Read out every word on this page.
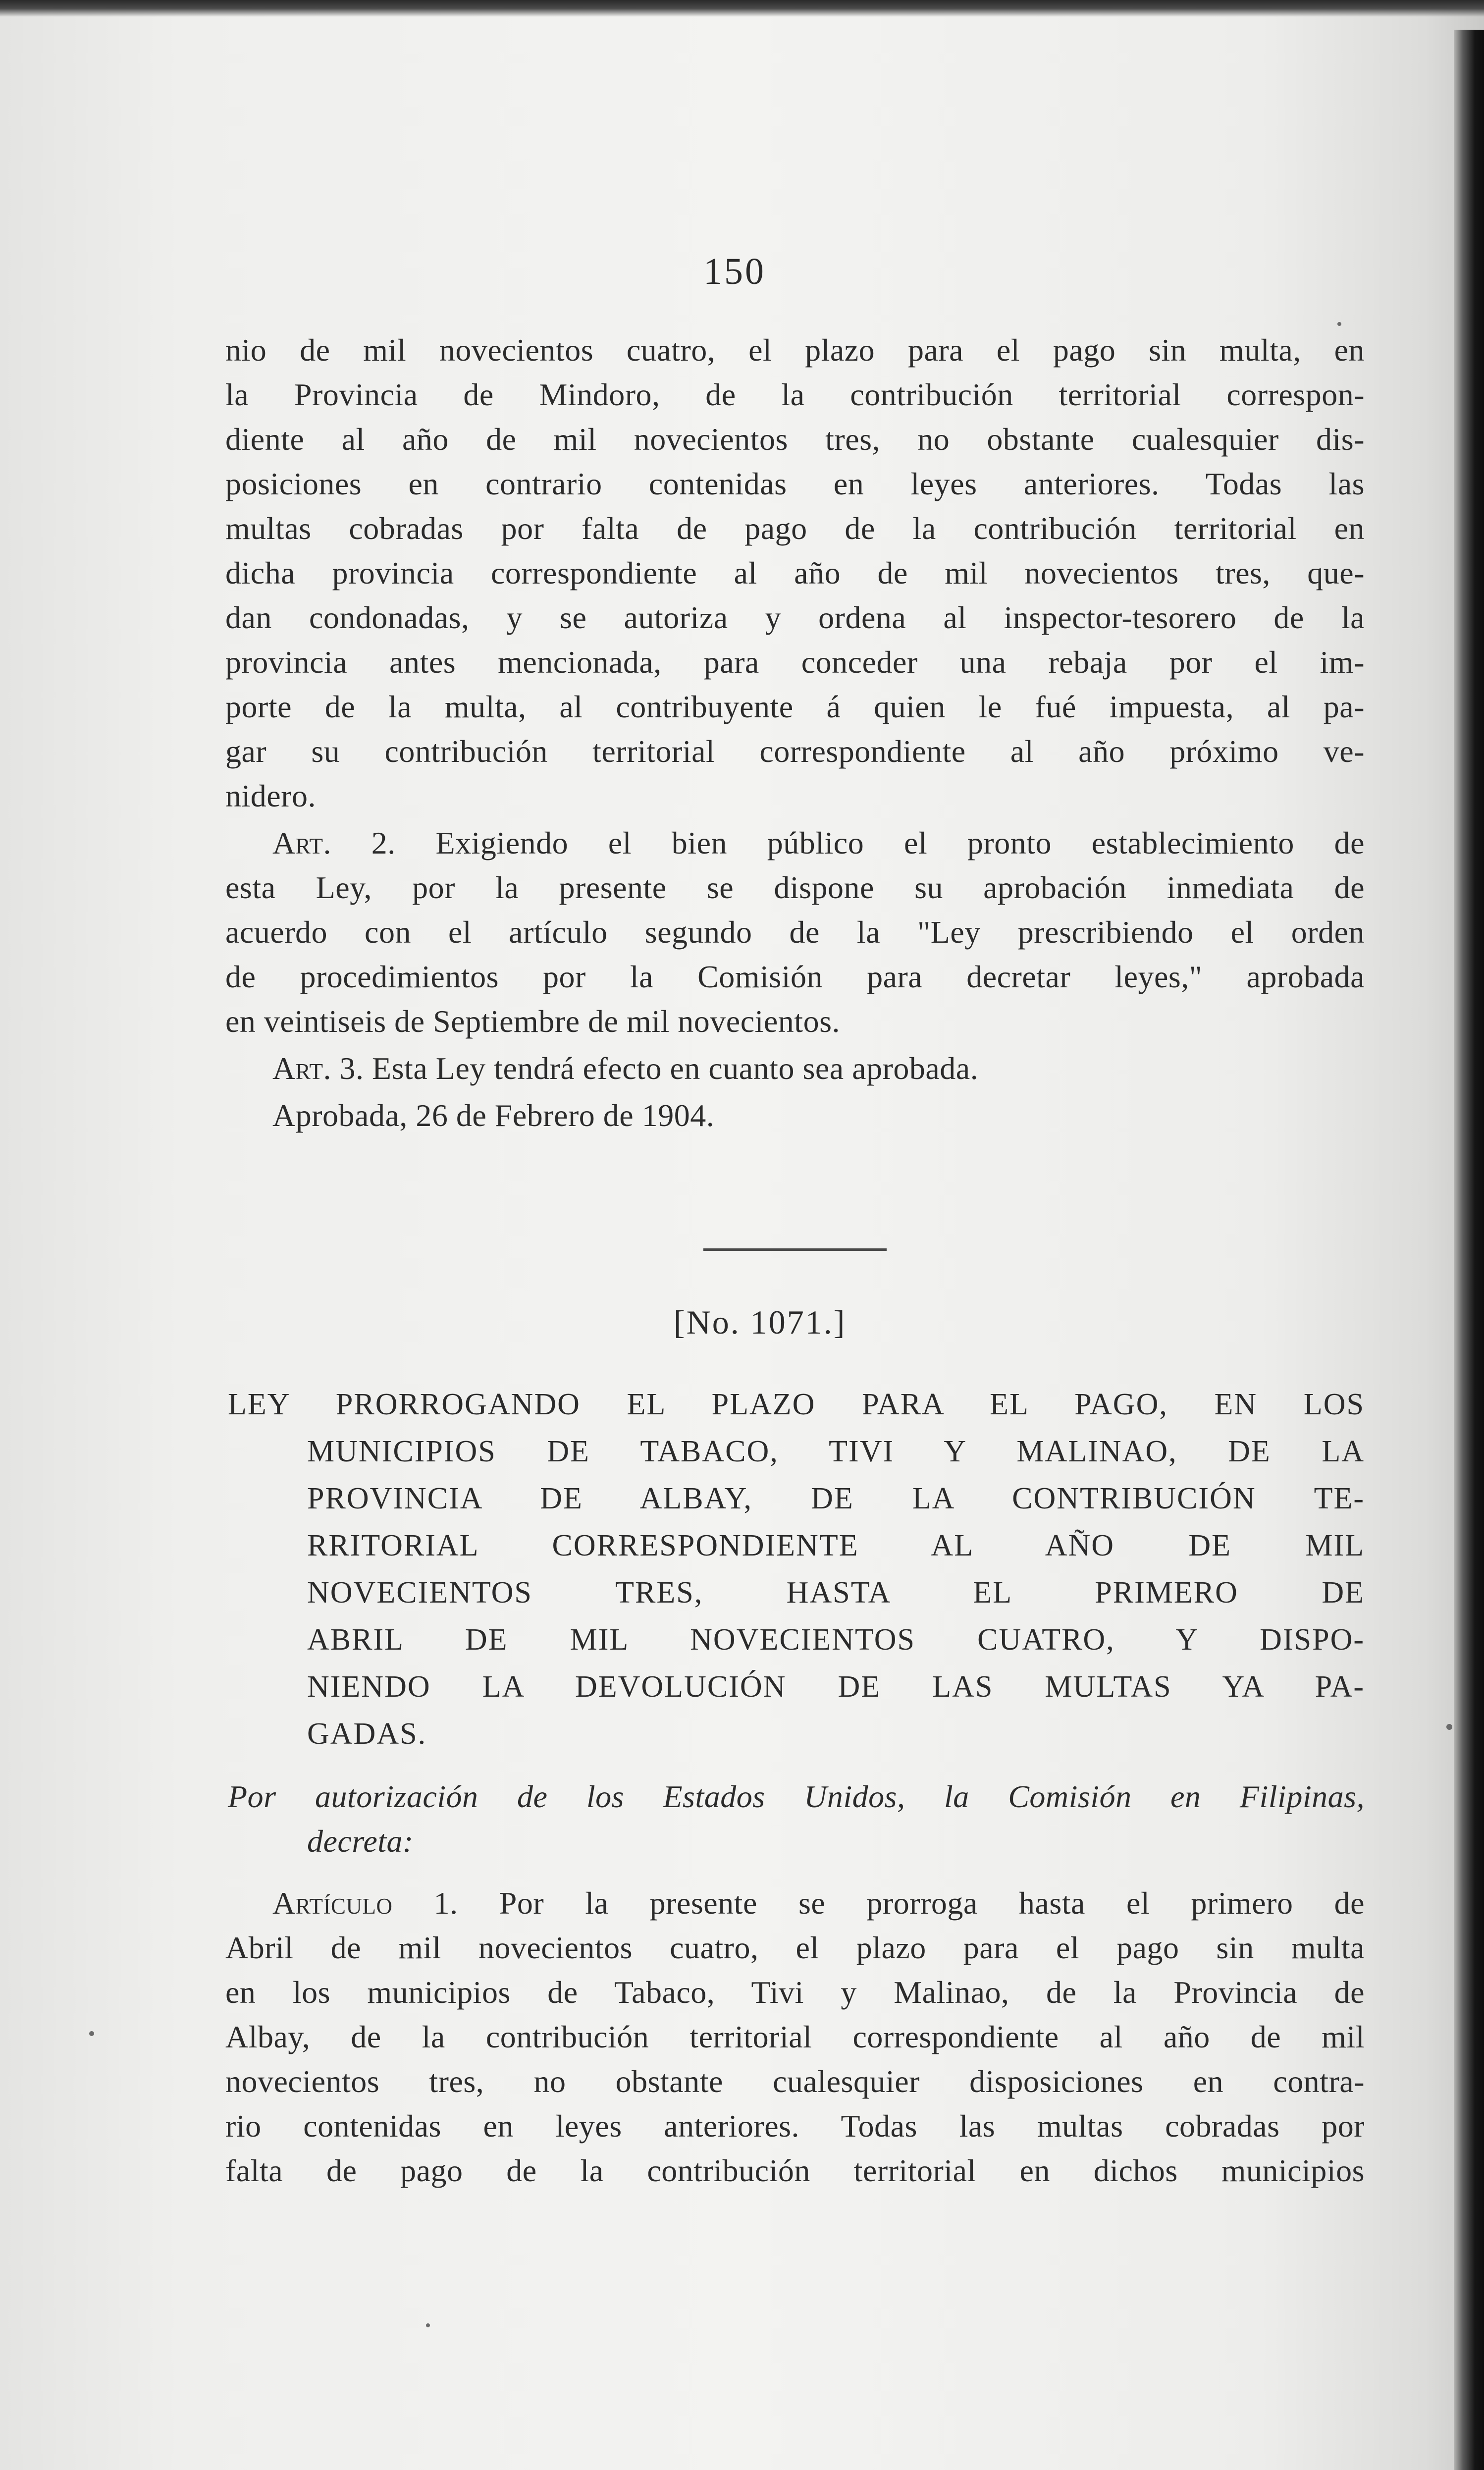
150
nio de mil novecientos cuatro, el plazo para el pago sin multa, en
la Provincia de Mindoro, de la contribución territorial correspon-
diente al año de mil novecientos tres, no obstante cualesquier dis-
posiciones en contrario contenidas en leyes anteriores. Todas las
multas cobradas por falta de pago de la contribución territorial en
dicha provincia correspondiente al año de mil novecientos tres, que-
dan condonadas, y se autoriza y ordena al inspector-tesorero de la
provincia antes mencionada, para conceder una rebaja por el im-
porte de la multa, al contribuyente á quien le fué impuesta, al pa-
gar su contribución territorial correspondiente al año próximo ve-
nidero.
Art. 2. Exigiendo el bien público el pronto establecimiento de
esta Ley, por la presente se dispone su aprobación inmediata de
acuerdo con el artículo segundo de la "Ley prescribiendo el orden
de procedimientos por la Comisión para decretar leyes," aprobada
en veintiseis de Septiembre de mil novecientos.
Art. 3. Esta Ley tendrá efecto en cuanto sea aprobada.
Aprobada, 26 de Febrero de 1904.
[No. 1071.]
LEY PRORROGANDO EL PLAZO PARA EL PAGO, EN LOS
MUNICIPIOS DE TABACO, TIVI Y MALINAO, DE LA
PROVINCIA DE ALBAY, DE LA CONTRIBUCIÓN TE-
RRITORIAL CORRESPONDIENTE AL AÑO DE MIL
NOVECIENTOS TRES, HASTA EL PRIMERO DE
ABRIL DE MIL NOVECIENTOS CUATRO, Y DISPO-
NIENDO LA DEVOLUCIÓN DE LAS MULTAS YA PA-
GADAS.
Por autorización de los Estados Unidos, la Comisión en Filipinas,
decreta:
Artículo 1. Por la presente se prorroga hasta el primero de
Abril de mil novecientos cuatro, el plazo para el pago sin multa
en los municipios de Tabaco, Tivi y Malinao, de la Provincia de
Albay, de la contribución territorial correspondiente al año de mil
novecientos tres, no obstante cualesquier disposiciones en contra-
rio contenidas en leyes anteriores. Todas las multas cobradas por
falta de pago de la contribución territorial en dichos municipios
